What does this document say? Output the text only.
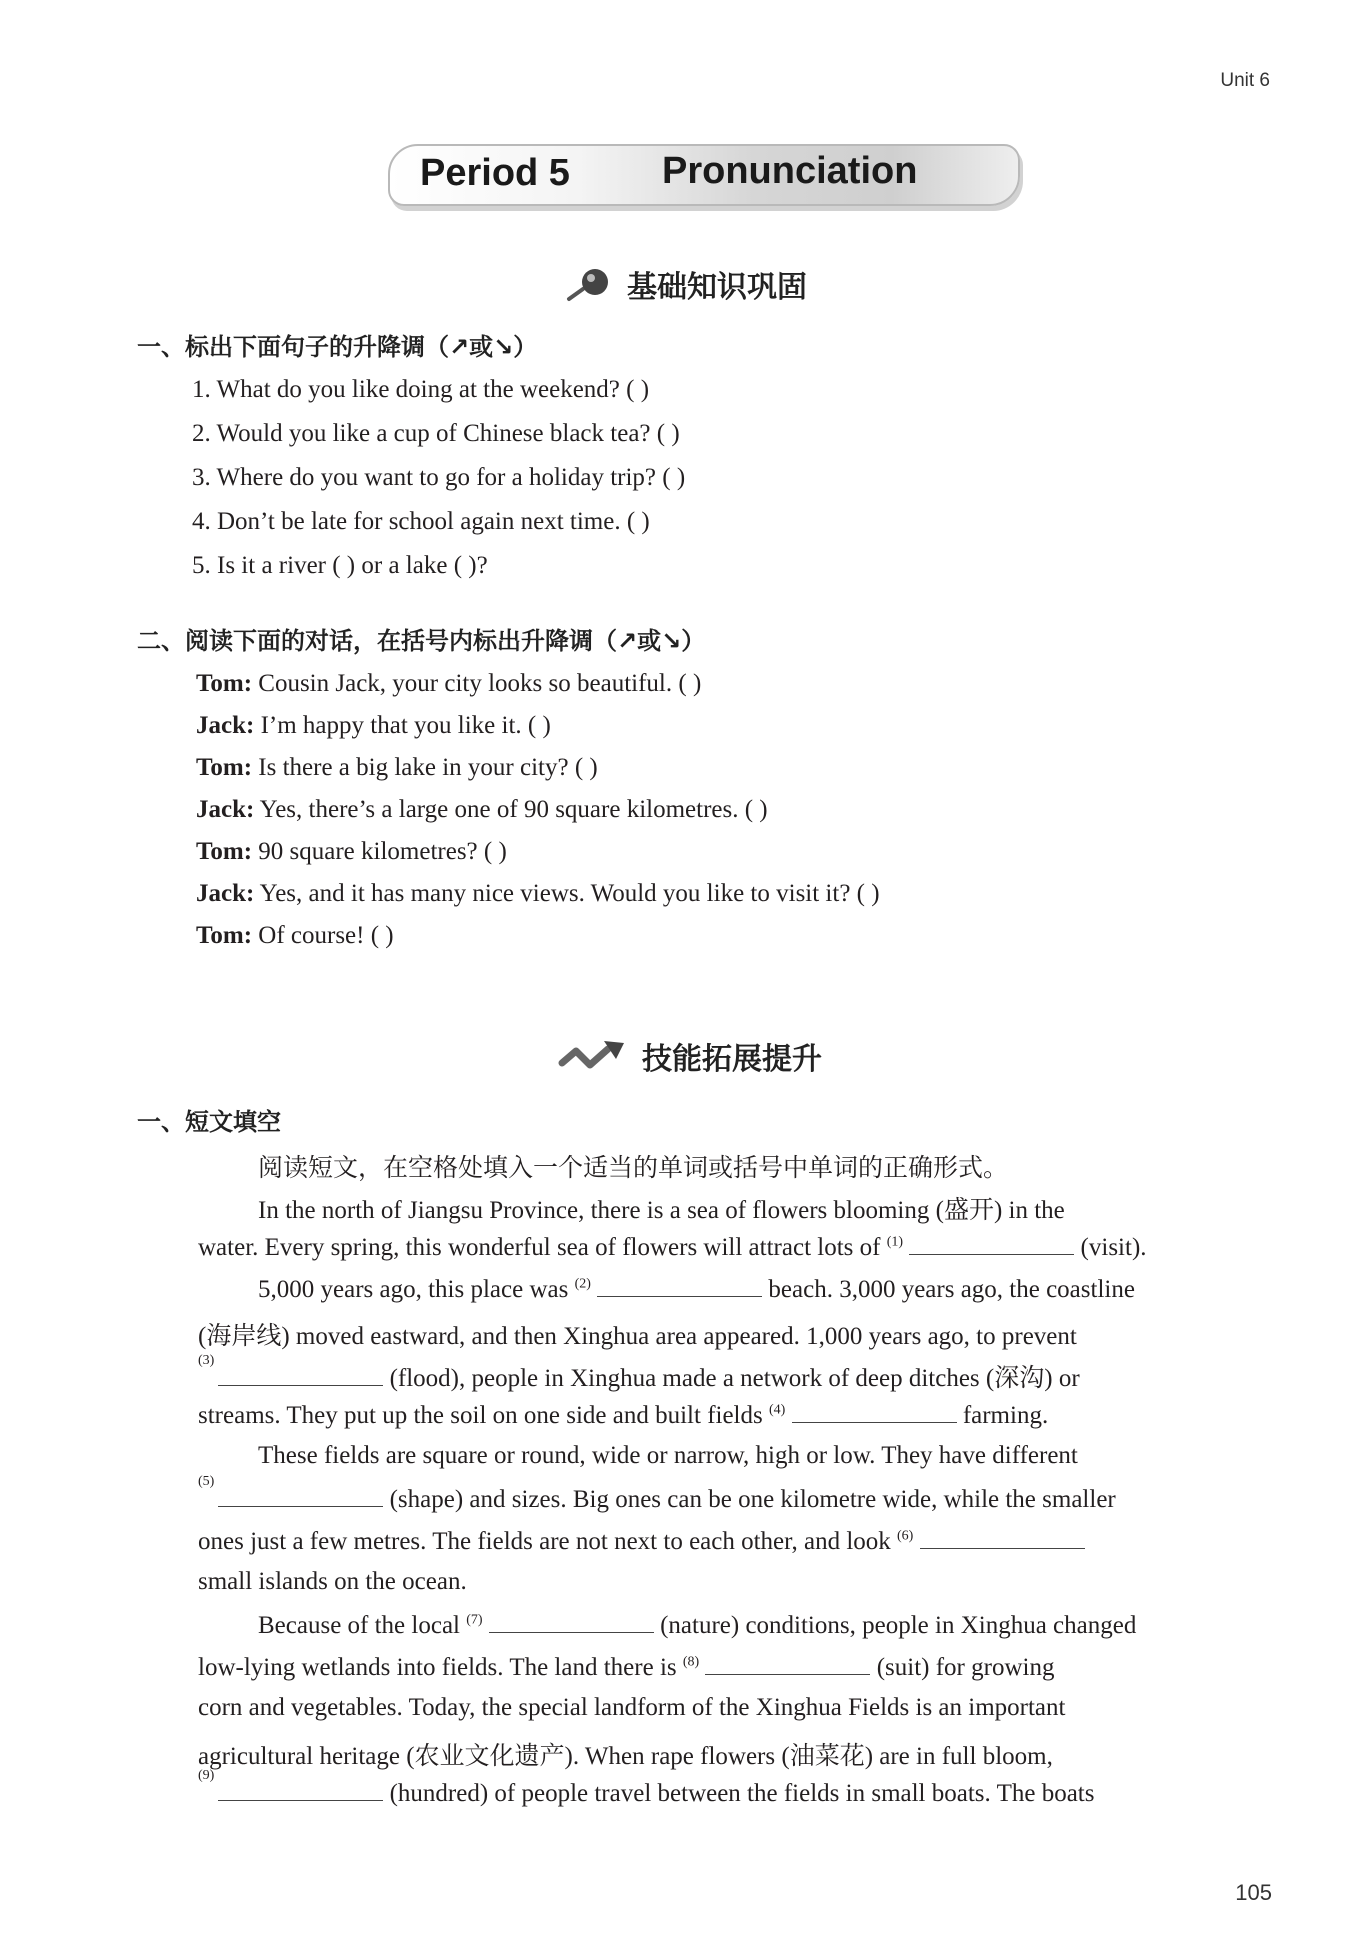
Unit 6
Period 5 Pronunciation
基础知识巩固
一、标出下面句子的升降调（↗或↘）
1. What do you like doing at the weekend? ( )
2. Would you like a cup of Chinese black tea? ( )
3. Where do you want to go for a holiday trip? ( )
4. Don’t be late for school again next time. ( )
5. Is it a river ( ) or a lake ( )?
二、阅读下面的对话，在括号内标出升降调（↗或↘）
Tom: Cousin Jack, your city looks so beautiful. ( )
Jack: I’m happy that you like it. ( )
Tom: Is there a big lake in your city? ( )
Jack: Yes, there’s a large one of 90 square kilometres. ( )
Tom: 90 square kilometres? ( )
Jack: Yes, and it has many nice views. Would you like to visit it? ( )
Tom: Of course! ( )
技能拓展提升
一、短文填空
阅读短文，在空格处填入一个适当的单词或括号中单词的正确形式。
In the north of Jiangsu Province, there is a sea of flowers blooming (盛开) in the
water. Every spring, this wonderful sea of flowers will attract lots of $^{(1)}$	(visit).
5,000 years ago, this place was $^{(2)}$	beach. 3,000 years ago, the coastline
(海岸线) moved eastward, and then Xinghua area appeared. 1,000 years ago, to prevent
$^{(3)}$ (flood), people in Xinghua made a network of deep ditches (深沟) or
streams. They put up the soil on one side and built fields $^{(4)}$	farming.
These fields are square or round, wide or narrow, high or low. They have different
$^{(5)}$ (shape) and sizes. Big ones can be one kilometre wide, while the smaller
ones just a few metres. The fields are not next to each other, and look $^{(6)}$
small islands on the ocean.
Because of the local $^{(7)}$	(nature) conditions, people in Xinghua changed
low-lying wetlands into fields. The land there is $^{(8)}$	(suit) for growing
corn and vegetables. Today, the special landform of the Xinghua Fields is an important
agricultural heritage (农业文化遗产). When rape flowers (油菜花) are in full bloom,
$^{(9)}$ (hundred) of people travel between the fields in small boats. The boats
105
